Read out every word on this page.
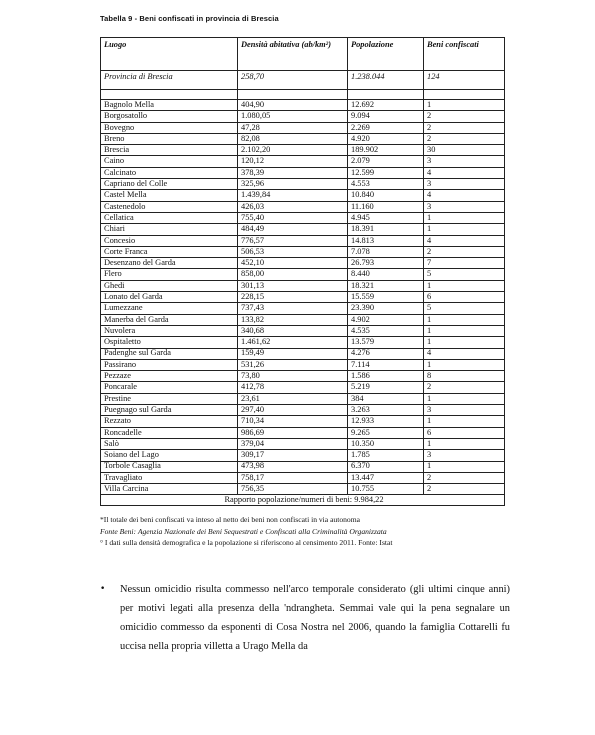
Tabella 9 - Beni confiscati in provincia di Brescia
Luogo	Densità abitativa (ab/km²)	Popolazione	Beni confiscati
Provincia di Brescia	258,70	1.238.044	124

Bagnolo Mella	404,90	12.692	1
Borgosatollo	1.080,05	9.094	2
Bovegno	47,28	2.269	2
Breno	82,08	4.920	2
Brescia	2.102,20	189.902	30
Caino	120,12	2.079	3
Calcinato	378,39	12.599	4
Capriano del Colle	325,96	4.553	3
Castel Mella	1.439,84	10.840	4
Castenedolo	426,03	11.160	3
Cellatica	755,40	4.945	1
Chiari	484,49	18.391	1
Concesio	776,57	14.813	4
Corte Franca	506,53	7.078	2
Desenzano del Garda	452,10	26.793	7
Flero	858,00	8.440	5
Ghedi	301,13	18.321	1
Lonato del Garda	228,15	15.559	6
Lumezzane	737,43	23.390	5
Manerba del Garda	133,82	4.902	1
Nuvolera	340,68	4.535	1
Ospitaletto	1.461,62	13.579	1
Padenghe sul Garda	159,49	4.276	4
Passirano	531,26	7.114	1
Pezzaze	73,80	1.586	8
Poncarale	412,78	5.219	2
Prestine	23,61	384	1
Puegnago sul Garda	297,40	3.263	3
Rezzato	710,34	12.933	1
Roncadelle	986,69	9.265	6
Salò	379,04	10.350	1
Soiano del Lago	309,17	1.785	3
Torbole Casaglia	473,98	6.370	1
Travagliato	758,17	13.447	2
Villa Carcina	756,35	10.755	2
Rapporto popolazione/numeri di beni: 9.984,22			

*Il totale dei beni confiscati va inteso al netto dei beni non confiscati in via autonoma

Fonte Beni: Agenzia Nazionale dei Beni Sequestrati e Confiscati alla Criminalità Organizzata

° I dati sulla densità demografica e la popolazione si riferiscono al censimento 2011. Fonte: Istat

•	Nessun omicidio risulta commesso nell'arco temporale considerato (gli ultimi cinque anni) per motivi legati alla presenza della 'ndrangheta. Semmai vale qui la pena segnalare un omicidio commesso da esponenti di Cosa Nostra nel 2006, quando la famiglia Cottarelli fu uccisa nella propria villetta a Urago Mella da
